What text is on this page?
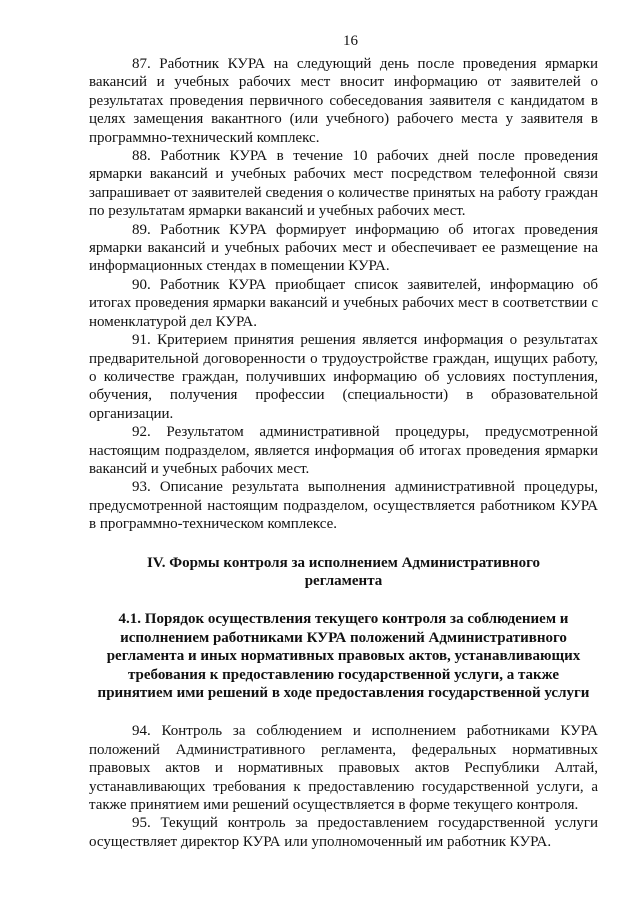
16

87. Работник КУРА на следующий день после проведения ярмарки вакансий и учебных рабочих мест вносит информацию от заявителей о результатах проведения первичного собеседования заявителя с кандидатом в целях замещения вакантного (или учебного) рабочего места у заявителя в программно-технический комплекс.

88. Работник КУРА в течение 10 рабочих дней после проведения ярмарки вакансий и учебных рабочих мест посредством телефонной связи запрашивает от заявителей сведения о количестве принятых на работу граждан по результатам ярмарки вакансий и учебных рабочих мест.

89. Работник КУРА формирует информацию об итогах проведения ярмарки вакансий и учебных рабочих мест и обеспечивает ее размещение на информационных стендах в помещении КУРА.

90. Работник КУРА приобщает список заявителей, информацию об итогах проведения ярмарки вакансий и учебных рабочих мест в соответствии с номенклатурой дел КУРА.

91. Критерием принятия решения является информация о результатах предварительной договоренности о трудоустройстве граждан, ищущих работу, о количестве граждан, получивших информацию об условиях поступления, обучения, получения профессии (специальности) в образовательной организации.

92. Результатом административной процедуры, предусмотренной настоящим подразделом, является информация об итогах проведения ярмарки вакансий и учебных рабочих мест.

93. Описание результата выполнения административной процедуры, предусмотренной настоящим подразделом, осуществляется работником КУРА в программно-техническом комплексе.

IV. Формы контроля за исполнением Административного регламента
4.1. Порядок осуществления текущего контроля за соблюдением и исполнением работниками КУРА положений Административного регламента и иных нормативных правовых актов, устанавливающих требования к предоставлению государственной услуги, а также принятием ими решений в ходе предоставления государственной услуги

94. Контроль за соблюдением и исполнением работниками КУРА положений Административного регламента, федеральных нормативных правовых актов и нормативных правовых актов Республики Алтай, устанавливающих требования к предоставлению государственной услуги, а также принятием ими решений осуществляется в форме текущего контроля.

95. Текущий контроль за предоставлением государственной услуги осуществляет директор КУРА или уполномоченный им работник КУРА.
